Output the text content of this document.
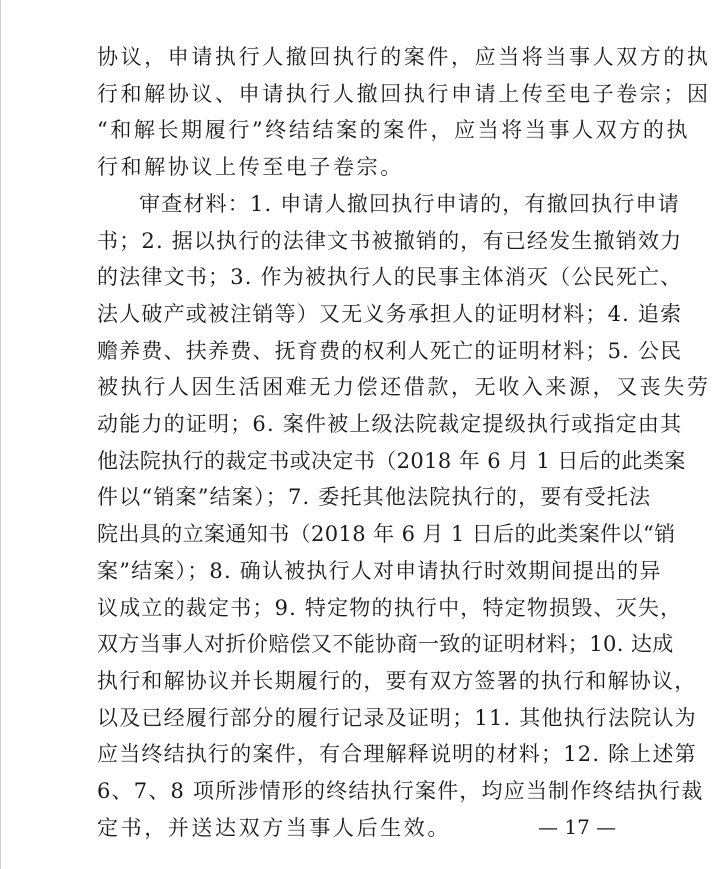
协议，申请执行人撤回执行的案件，应当将当事人双方的执
行和解协议、申请执行人撤回执行申请上传至电子卷宗；因
“和解长期履行”终结结案的案件，应当将当事人双方的执
行和解协议上传至电子卷宗。
审查材料：1. 申请人撤回执行申请的，有撤回执行申请
书；2. 据以执行的法律文书被撤销的，有已经发生撤销效力
的法律文书；3. 作为被执行人的民事主体消灭（公民死亡、
法人破产或被注销等）又无义务承担人的证明材料；4. 追索
赡养费、扶养费、抚育费的权利人死亡的证明材料；5. 公民
被执行人因生活困难无力偿还借款，无收入来源，又丧失劳
动能力的证明；6. 案件被上级法院裁定提级执行或指定由其
他法院执行的裁定书或决定书（2018 年 6 月 1 日后的此类案
件以“销案”结案）；7. 委托其他法院执行的，要有受托法
院出具的立案通知书（2018 年 6 月 1 日后的此类案件以“销
案”结案）；8. 确认被执行人对申请执行时效期间提出的异
议成立的裁定书；9. 特定物的执行中，特定物损毁、灭失，
双方当事人对折价赔偿又不能协商一致的证明材料；10. 达成
执行和解协议并长期履行的，要有双方签署的执行和解协议，
以及已经履行部分的履行记录及证明；11. 其他执行法院认为
应当终结执行的案件，有合理解释说明的材料；12. 除上述第
6、7、8 项所涉情形的终结执行案件，均应当制作终结执行裁
— 17 —
定书，并送达双方当事人后生效。
